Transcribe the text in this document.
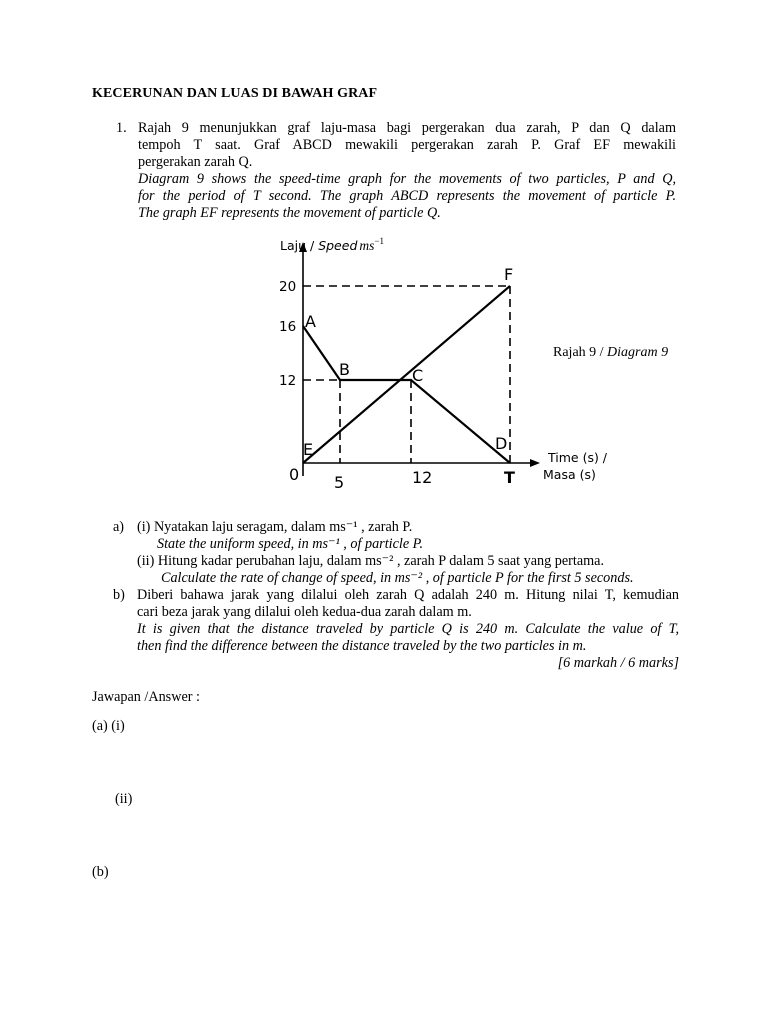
KECERUNAN DAN LUAS DI BAWAH GRAF
1. Rajah 9 menunjukkan graf laju-masa bagi pergerakan dua zarah, P dan Q dalam

tempoh T saat. Graf ABCD mewakili pergerakan zarah P. Graf EF mewakili

pergerakan zarah Q.

Diagram 9 shows the speed-time graph for the movements of two particles, P and Q,

for the period of T second. The graph ABCD represents the movement of particle P.

The graph EF represents the movement of particle Q.

Laju / Speed $ms^{-1}$
20
16
12
A
B	C
D
E
F
0 5	12	T
Time (s) /
Masa (s)
Rajah 9 / Diagram 9
a) (i) Nyatakan laju seragam, dalam ms⁻¹ , zarah P.
State the uniform speed, in ms⁻¹ , of particle P.
(ii) Hitung kadar perubahan laju, dalam ms⁻² , zarah P dalam 5 saat yang pertama.
Calculate the rate of change of speed, in ms⁻² , of particle P for the first 5 seconds.
b) Diberi bahawa jarak yang dilalui oleh zarah Q adalah 240 m. Hitung nilai T, kemudian
cari beza jarak yang dilalui oleh kedua-dua zarah dalam m.
It is given that the distance traveled by particle Q is 240 m. Calculate the value of T,
then find the difference between the distance traveled by the two particles in m.
[6 markah / 6 marks]
Jawapan /Answer :
(a) (i)
(ii)
(b)
